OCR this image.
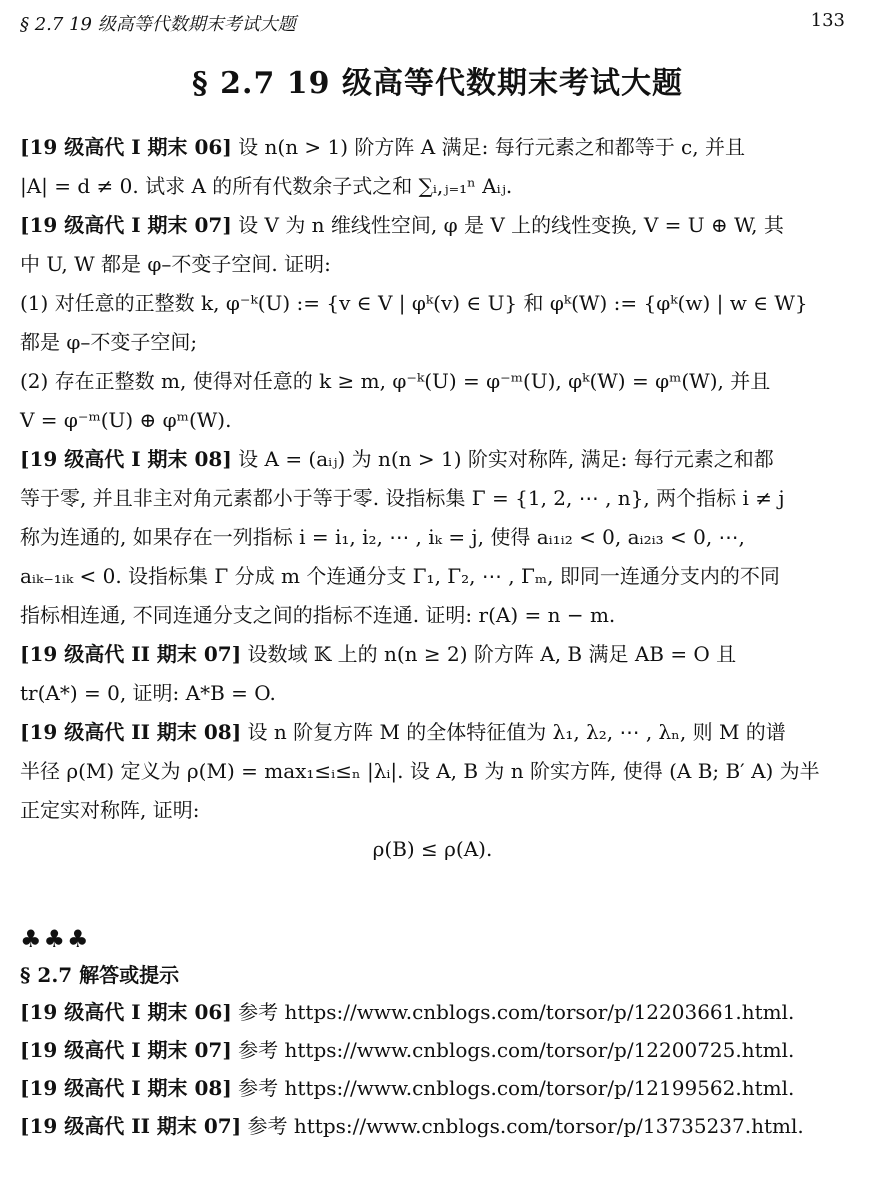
§ 2.7 19 级高等代数期末考试大题	133
§ 2.7 19 级高等代数期末考试大题

[19 级高代 I 期末 06] 设 n(n > 1) 阶方阵 A 满足: 每行元素之和都等于 c, 并且

|A| = d ≠ 0. 试求 A 的所有代数余子式之和 ∑ᵢ,ⱼ₌₁ⁿ Aᵢⱼ.

[19 级高代 I 期末 07] 设 V 为 n 维线性空间, φ 是 V 上的线性变换, V = U ⊕ W, 其

中 U, W 都是 φ–不变子空间. 证明:

(1) 对任意的正整数 k, φ⁻ᵏ(U) := {v ∈ V | φᵏ(v) ∈ U} 和 φᵏ(W) := {φᵏ(w) | w ∈ W}

都是 φ–不变子空间;

(2) 存在正整数 m, 使得对任意的 k ≥ m, φ⁻ᵏ(U) = φ⁻ᵐ(U), φᵏ(W) = φᵐ(W), 并且

V = φ⁻ᵐ(U) ⊕ φᵐ(W).

[19 级高代 I 期末 08] 设 A = (aᵢⱼ) 为 n(n > 1) 阶实对称阵, 满足: 每行元素之和都

等于零, 并且非主对角元素都小于等于零. 设指标集 Γ = {1, 2, ⋯ , n}, 两个指标 i ≠ j

称为连通的, 如果存在一列指标 i = i₁, i₂, ⋯ , iₖ = j, 使得 aᵢ₁ᵢ₂ < 0, aᵢ₂ᵢ₃ < 0, ⋯,

aᵢₖ₋₁ᵢₖ < 0. 设指标集 Γ 分成 m 个连通分支 Γ₁, Γ₂, ⋯ , Γₘ, 即同一连通分支内的不同

指标相连通, 不同连通分支之间的指标不连通. 证明: r(A) = n − m.

[19 级高代 II 期末 07] 设数域 𝕂 上的 n(n ≥ 2) 阶方阵 A, B 满足 AB = O 且

tr(A*) = 0, 证明: A*B = O.

[19 级高代 II 期末 08] 设 n 阶复方阵 M 的全体特征值为 λ₁, λ₂, ⋯ , λₙ, 则 M 的谱

半径 ρ(M) 定义为 ρ(M) = max₁≤ᵢ≤ₙ |λᵢ|. 设 A, B 为 n 阶实方阵, 使得 (A B; B′ A) 为半

正定实对称阵, 证明:

ρ(B) ≤ ρ(A).

♣♣♣
§ 2.7 解答或提示

[19 级高代 I 期末 06] 参考 https://www.cnblogs.com/torsor/p/12203661.html.

[19 级高代 I 期末 07] 参考 https://www.cnblogs.com/torsor/p/12200725.html.

[19 级高代 I 期末 08] 参考 https://www.cnblogs.com/torsor/p/12199562.html.

[19 级高代 II 期末 07] 参考 https://www.cnblogs.com/torsor/p/13735237.html.
